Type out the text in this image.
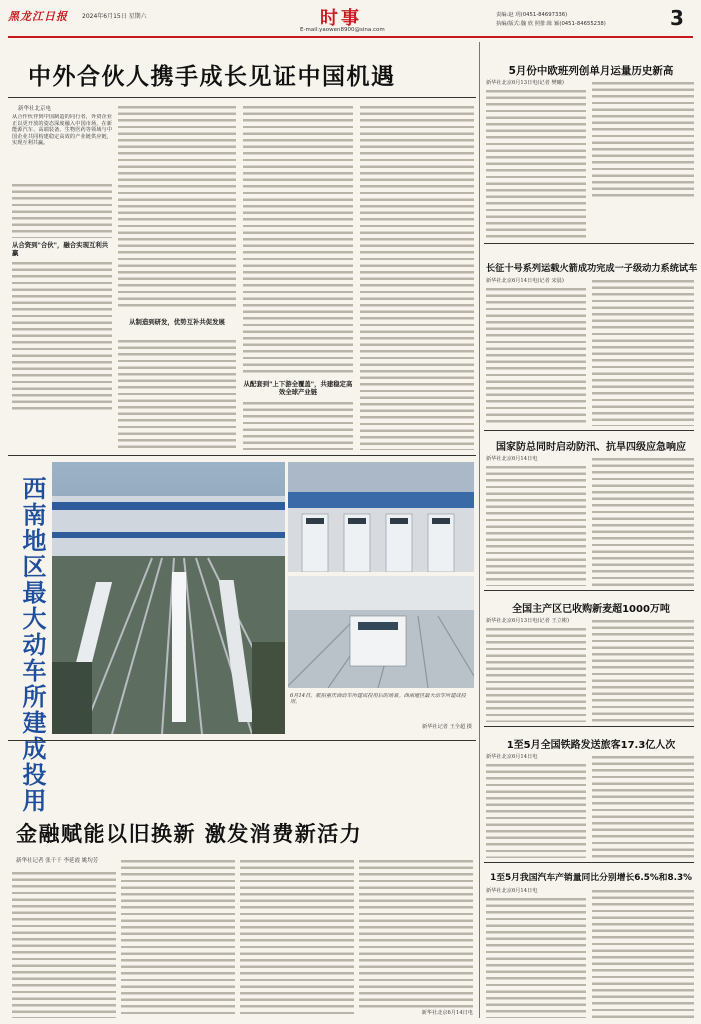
黑龙江日报 2024年6月15日 星期六	时事
E-mail:yaowen8900@sina.com
责编:赵 玥(0451-84697336)
执编/版式:魏 欣 照排:陈 颖(0451-84655238)	3
中外合伙人携手成长见证中国机遇
新华社北京电
从合作伙伴到中国制造的同行者，外资企业正以更开放的姿态深度融入中国市场，在新能源汽车、高端装备、生物医药等领域与中国企业共同构建稳定高效的产业链供应链，实现互利共赢。
从合资到"合伙"，融合实现互利共赢
从制造到研发，优势互补共促发展
从配套到"上下游全覆盖"，共建稳定高效全球产业链
西南地区最大动车所建成投用	6月14日，航拍重庆西动车所建成投用后的场景。西南地区最大动车所建成投用。
新华社记者 王全超 摄
金融赋能以旧换新 激发消费新活力
新华社记者 张千千 李延霞 姚均芳
新华社北京6月14日电
5月份中欧班列创单月运量历史新高
新华社北京6月13日电(记者 樊曦)
长征十号系列运载火箭成功完成一子级动力系统试车
新华社北京6月14日电(记者 宋晨)
国家防总同时启动防汛、抗旱四级应急响应
新华社北京6月14日电
全国主产区已收购新麦超1000万吨
新华社北京6月13日电(记者 王立彬)
1至5月全国铁路发送旅客17.3亿人次
新华社北京6月14日电
1至5月我国汽车产销量同比分别增长6.5%和8.3%
新华社北京6月14日电
